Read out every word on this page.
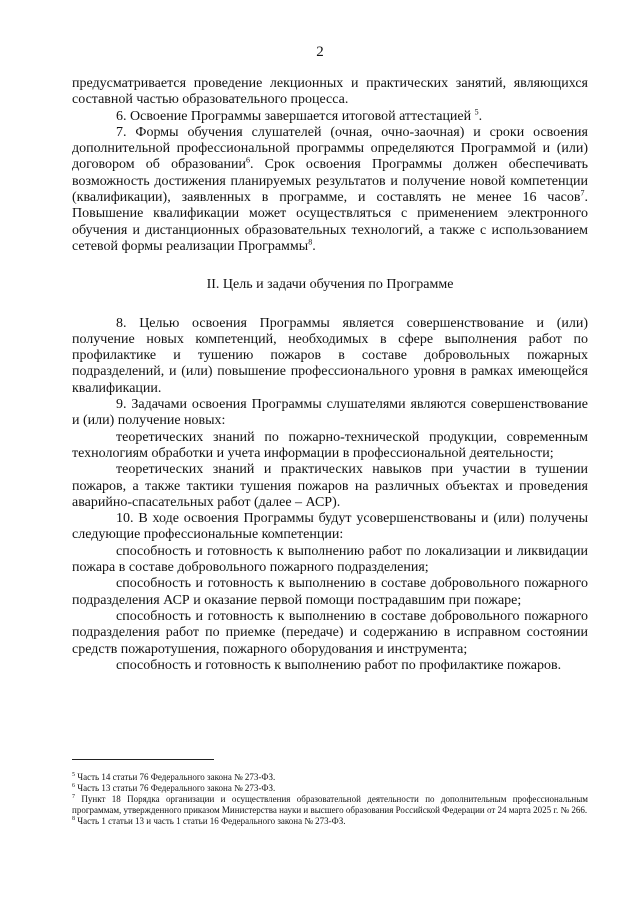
2

предусматривается проведение лекционных и практических занятий, являющихся составной частью образовательного процесса.

6. Освоение Программы завершается итоговой аттестацией $^5$.

7. Формы обучения слушателей (очная, очно-заочная) и сроки освоения дополнительной профессиональной программы определяются Программой и (или) договором об образовании$^6$. Срок освоения Программы должен обеспечивать возможность достижения планируемых результатов и получение новой компетенции (квалификации), заявленных в программе, и составлять не менее 16 часов$^7$. Повышение квалификации может осуществляться с применением электронного обучения и дистанционных образовательных технологий, а также с использованием сетевой формы реализации Программы$^8$.

II. Цель и задачи обучения по Программе

8. Целью освоения Программы является совершенствование и (или) получение новых компетенций, необходимых в сфере выполнения работ по профилактике и тушению пожаров в составе добровольных пожарных подразделений, и (или) повышение профессионального уровня в рамках имеющейся квалификации.

9. Задачами освоения Программы слушателями являются совершенствование и (или) получение новых:

теоретических знаний по пожарно-технической продукции, современным технологиям обработки и учета информации в профессиональной деятельности;

теоретических знаний и практических навыков при участии в тушении пожаров, а также тактики тушения пожаров на различных объектах и проведения аварийно-спасательных работ (далее – АСР).

10. В ходе освоения Программы будут усовершенствованы и (или) получены следующие профессиональные компетенции:

способность и готовность к выполнению работ по локализации и ликвидации пожара в составе добровольного пожарного подразделения;

способность и готовность к выполнению в составе добровольного пожарного подразделения АСР и оказание первой помощи пострадавшим при пожаре;

способность и готовность к выполнению в составе добровольного пожарного подразделения работ по приемке (передаче) и содержанию в исправном состоянии средств пожаротушения, пожарного оборудования и инструмента;

способность и готовность к выполнению работ по профилактике пожаров.

$^5$ Часть 14 статьи 76 Федерального закона № 273-ФЗ.

$^6$ Часть 13 статьи 76 Федерального закона № 273-ФЗ.

$^7$ Пункт 18 Порядка организации и осуществления образовательной деятельности по дополнительным профессиональным программам, утвержденного приказом Министерства науки и высшего образования Российской Федерации от 24 марта 2025 г. № 266.

$^8$ Часть 1 статьи 13 и часть 1 статьи 16 Федерального закона № 273-ФЗ.
